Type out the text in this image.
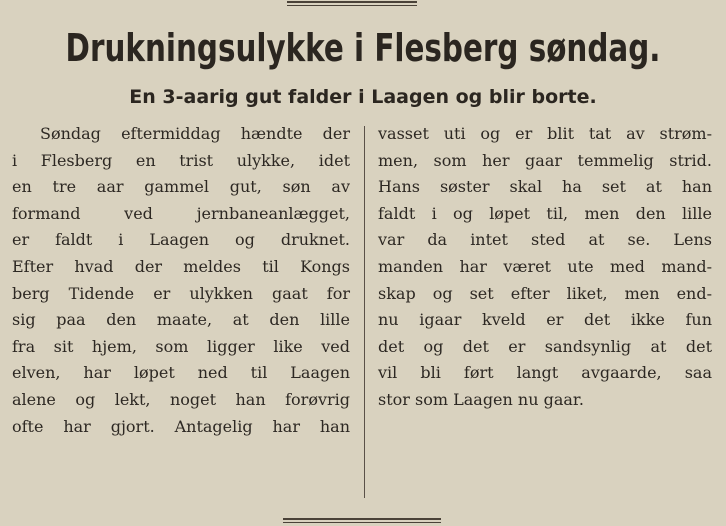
Drukningsulykke i Flesberg søndag.
En 3-aarig gut falder i Laagen og blir borte.
Søndag eftermiddag hændte der
i Flesberg en trist ulykke, idet
en tre aar gammel gut, søn av
formand ved jernbaneanlægget,
er faldt i Laagen og druknet.
Efter hvad der meldes til Kongs
berg Tidende er ulykken gaat for
sig paa den maate, at den lille
fra sit hjem, som ligger like ved
elven, har løpet ned til Laagen
alene og lekt, noget han forøvrig
ofte har gjort. Antagelig har han
vasset uti og er blit tat av strøm-
men, som her gaar temmelig strid.
Hans søster skal ha set at han
faldt i og løpet til, men den lille
var da intet sted at se. Lens
manden har været ute med mand-
skap og set efter liket, men end-
nu igaar kveld er det ikke fun
det og det er sandsynlig at det
vil bli ført langt avgaarde, saa
stor som Laagen nu gaar.
